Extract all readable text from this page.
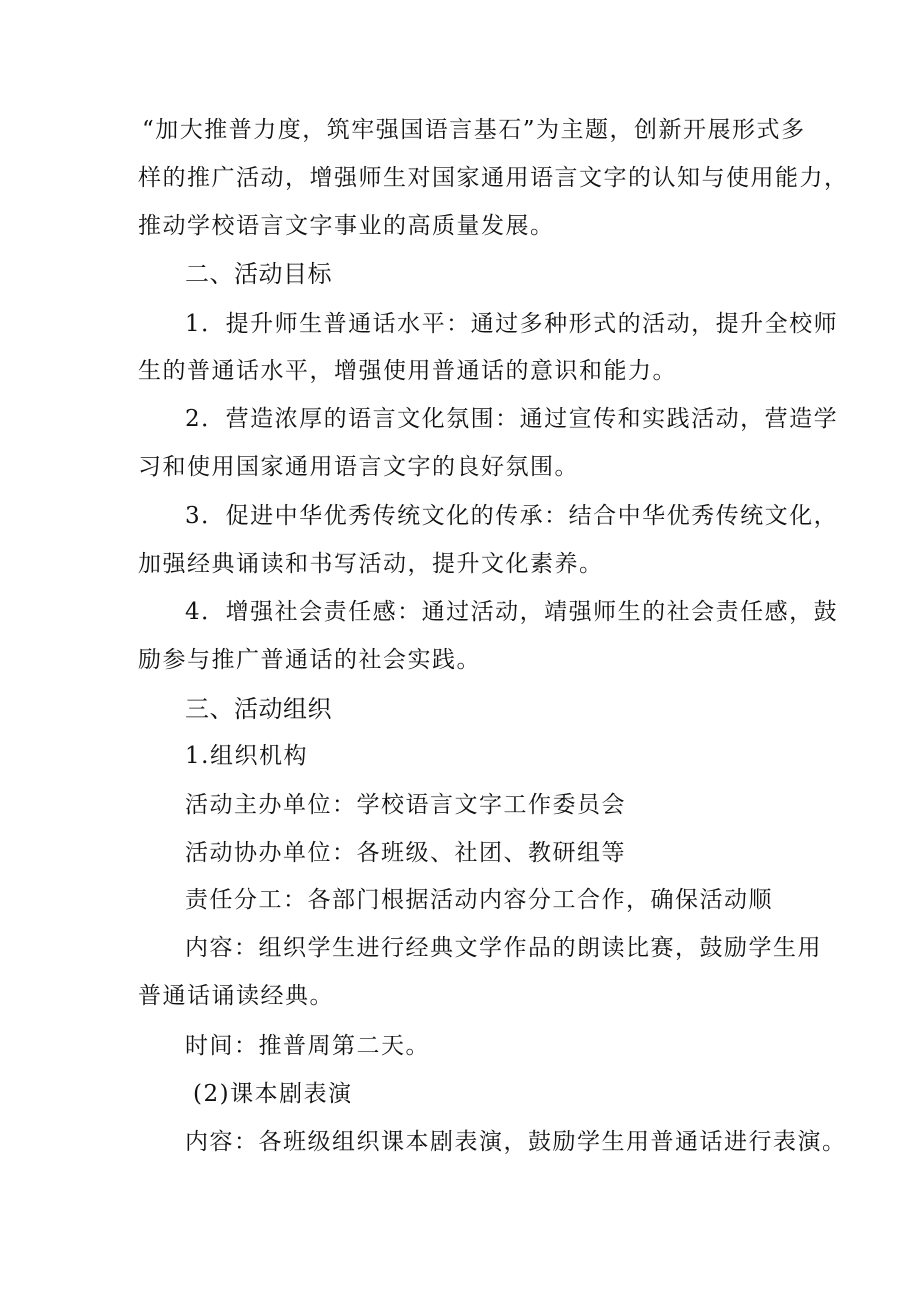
“加大推普力度，筑牢强国语言基石”为主题，创新开展形式多
样的推广活动，增强师生对国家通用语言文字的认知与使用能力，
推动学校语言文字事业的高质量发展。
二、活动目标
1．提升师生普通话水平：通过多种形式的活动，提升全校师
生的普通话水平，增强使用普通话的意识和能力。
2．营造浓厚的语言文化氛围：通过宣传和实践活动，营造学
习和使用国家通用语言文字的良好氛围。
3．促进中华优秀传统文化的传承：结合中华优秀传统文化，
加强经典诵读和书写活动，提升文化素养。
4．增强社会责任感：通过活动，靖强师生的社会责任感，鼓
励参与推广普通话的社会实践。
三、活动组织
1.组织机构
活动主办单位：学校语言文字工作委员会
活动协办单位：各班级、社团、教研组等
责任分工：各部门根据活动内容分工合作，确保活动顺
内容：组织学生进行经典文学作品的朗读比赛，鼓励学生用
普通话诵读经典。
时间：推普周第二天。
(2)课本剧表演
内容：各班级组织课本剧表演，鼓励学生用普通话进行表演。
